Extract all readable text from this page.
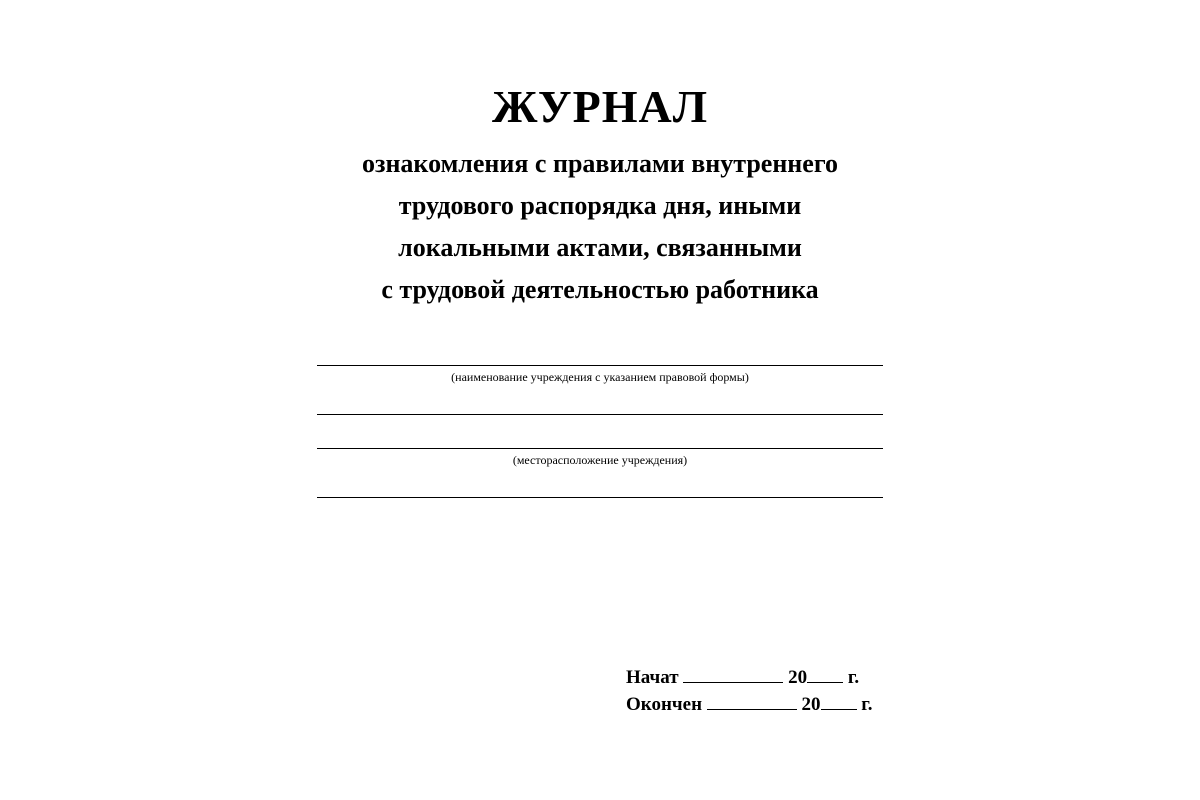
ЖУРНАЛ
ознакомления с правилами внутреннего
трудового распорядка дня, иными
локальными актами, связанными
с трудовой деятельностью работника
(наименование учреждения с указанием правовой формы)
(месторасположение учреждения)
Начат	20 г.
Окончен	20 г.
